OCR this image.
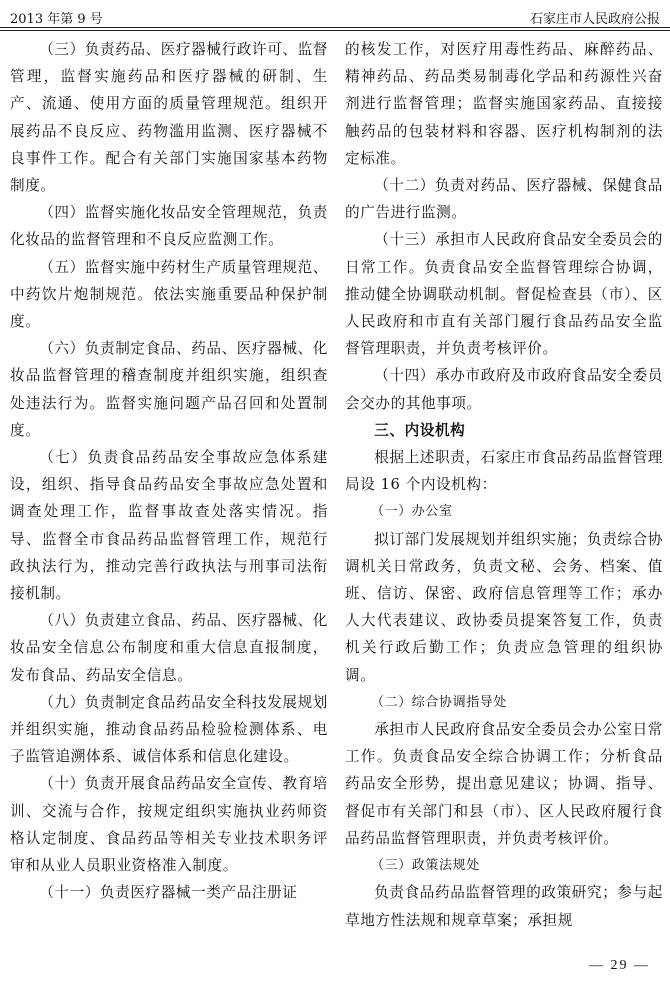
2013 年第 9 号	石家庄市人民政府公报

（三）负责药品、医疗器械行政许可、监督管理，监督实施药品和医疗器械的研制、生产、流通、使用方面的质量管理规范。组织开展药品不良反应、药物滥用监测、医疗器械不良事件工作。配合有关部门实施国家基本药物制度。

（四）监督实施化妆品安全管理规范，负责化妆品的监督管理和不良反应监测工作。

（五）监督实施中药材生产质量管理规范、中药饮片炮制规范。依法实施重要品种保护制度。

（六）负责制定食品、药品、医疗器械、化妆品监督管理的稽查制度并组织实施，组织查处违法行为。监督实施问题产品召回和处置制度。

（七）负责食品药品安全事故应急体系建设，组织、指导食品药品安全事故应急处置和调查处理工作，监督事故查处落实情况。指导、监督全市食品药品监督管理工作，规范行政执法行为，推动完善行政执法与刑事司法衔接机制。

（八）负责建立食品、药品、医疗器械、化妆品安全信息公布制度和重大信息直报制度，发布食品、药品安全信息。

（九）负责制定食品药品安全科技发展规划并组织实施，推动食品药品检验检测体系、电子监管追溯体系、诚信体系和信息化建设。

（十）负责开展食品药品安全宣传、教育培训、交流与合作，按规定组织实施执业药师资格认定制度、食品药品等相关专业技术职务评审和从业人员职业资格准入制度。

（十一）负责医疗器械一类产品注册证

的核发工作，对医疗用毒性药品、麻醉药品、精神药品、药品类易制毒化学品和药源性兴奋剂进行监督管理；监督实施国家药品、直接接触药品的包装材料和容器、医疗机构制剂的法定标准。

（十二）负责对药品、医疗器械、保健食品的广告进行监测。

（十三）承担市人民政府食品安全委员会的日常工作。负责食品安全监督管理综合协调，推动健全协调联动机制。督促检查县（市）、区人民政府和市直有关部门履行食品药品安全监督管理职责，并负责考核评价。

（十四）承办市政府及市政府食品安全委员会交办的其他事项。

三、内设机构

根据上述职责，石家庄市食品药品监督管理局设 16 个内设机构：

（一）办公室

拟订部门发展规划并组织实施；负责综合协调机关日常政务，负责文秘、会务、档案、值班、信访、保密、政府信息管理等工作；承办人大代表建议、政协委员提案答复工作，负责机关行政后勤工作；负责应急管理的组织协调。

（二）综合协调指导处

承担市人民政府食品安全委员会办公室日常工作。负责食品安全综合协调工作；分析食品药品安全形势，提出意见建议；协调、指导、督促市有关部门和县（市）、区人民政府履行食品药品监督管理职责，并负责考核评价。

（三）政策法规处

负责食品药品监督管理的政策研究；参与起草地方性法规和规章草案；承担规

— 29 —
